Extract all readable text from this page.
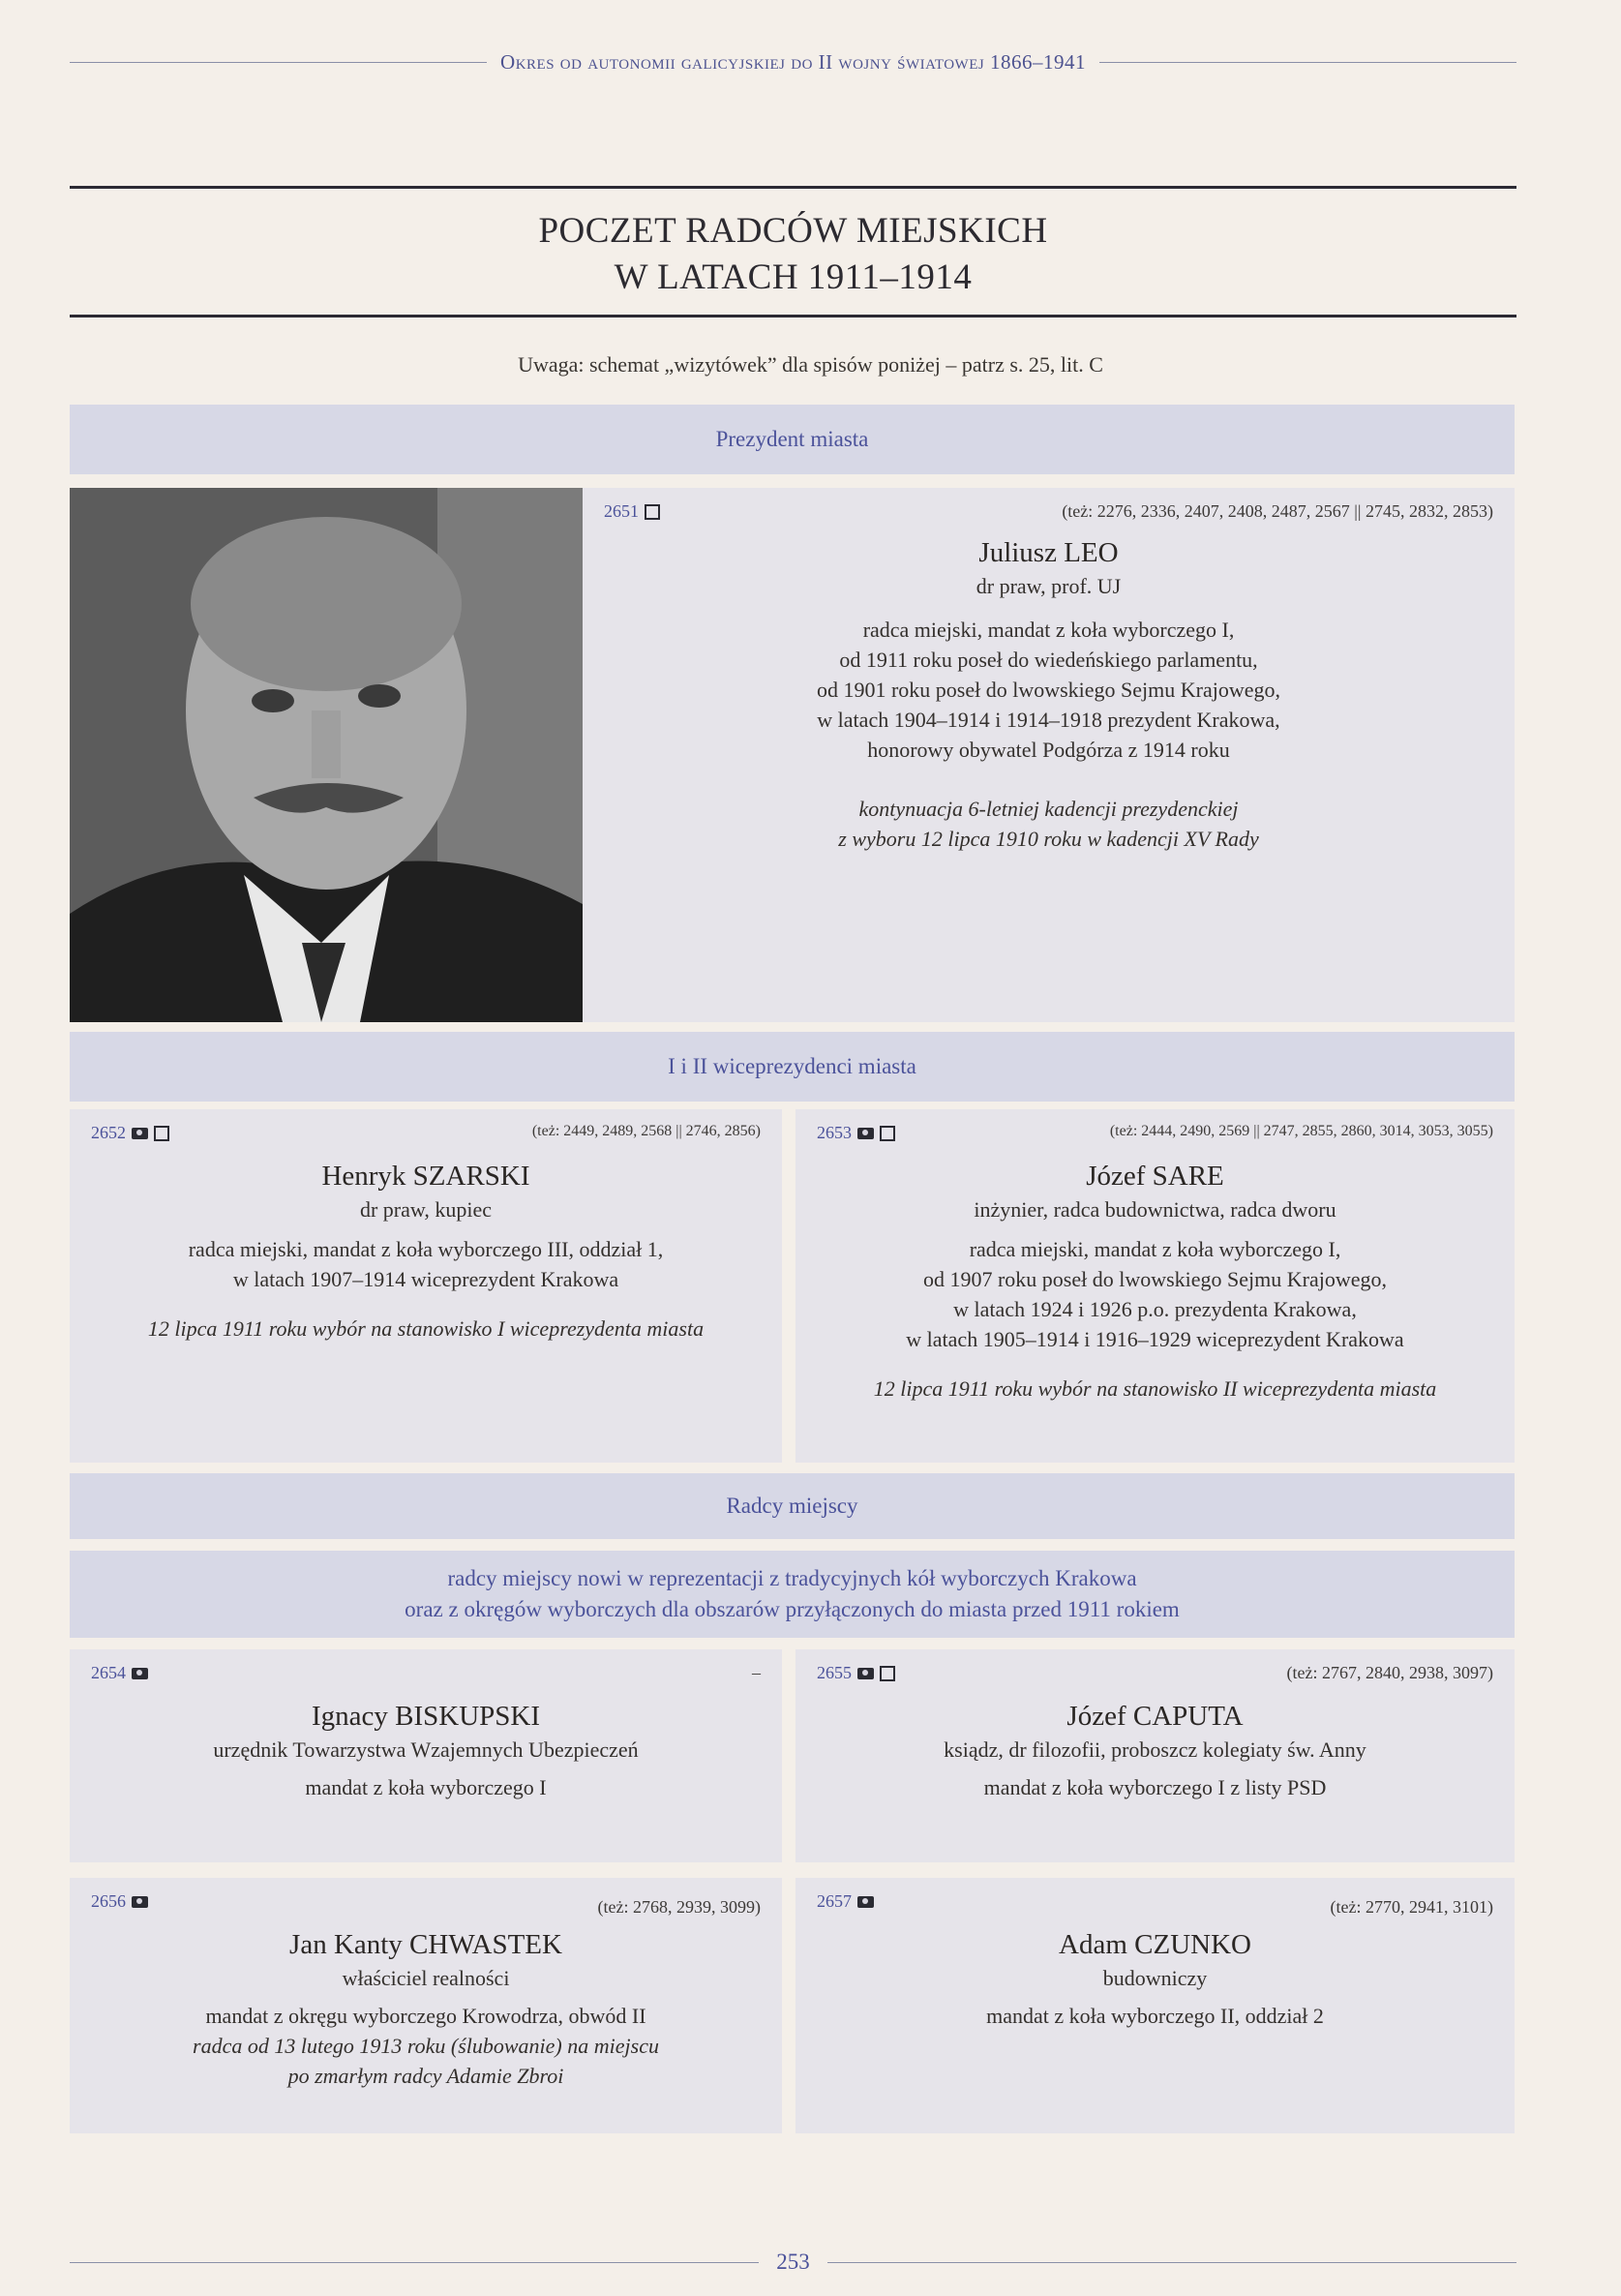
Okres od autonomii galicyjskiej do II wojny światowej 1866–1941
POCZET RADCÓW MIEJSKICH
W LATACH 1911–1914
Uwaga: schemat „wizytówek” dla spisów poniżej – patrz s. 25, lit. C
Prezydent miasta
2651	(też: 2276, 2336, 2407, 2408, 2487, 2567 || 2745, 2832, 2853)
Juliusz LEO
dr praw, prof. UJ
radca miejski, mandat z koła wyborczego I,
od 1911 roku poseł do wiedeńskiego parlamentu,
od 1901 roku poseł do lwowskiego Sejmu Krajowego,
w latach 1904–1914 i 1914–1918 prezydent Krakowa,
honorowy obywatel Podgórza z 1914 roku
kontynuacja 6-letniej kadencji prezydenckiej
z wyboru 12 lipca 1910 roku w kadencji XV Rady
I i II wiceprezydenci miasta
2652	(też: 2449, 2489, 2568 || 2746, 2856)
Henryk SZARSKI
dr praw, kupiec
radca miejski, mandat z koła wyborczego III, oddział 1,
w latach 1907–1914 wiceprezydent Krakowa
12 lipca 1911 roku wybór na stanowisko I wiceprezydenta miasta
2653	(też: 2444, 2490, 2569 || 2747, 2855, 2860, 3014, 3053, 3055)
Józef SARE
inżynier, radca budownictwa, radca dworu
radca miejski, mandat z koła wyborczego I,
od 1907 roku poseł do lwowskiego Sejmu Krajowego,
w latach 1924 i 1926 p.o. prezydenta Krakowa,
w latach 1905–1914 i 1916–1929 wiceprezydent Krakowa
12 lipca 1911 roku wybór na stanowisko II wiceprezydenta miasta
Radcy miejscy
radcy miejscy nowi w reprezentacji z tradycyjnych kół wyborczych Krakowa
oraz z okręgów wyborczych dla obszarów przyłączonych do miasta przed 1911 rokiem
2654	–
Ignacy BISKUPSKI
urzędnik Towarzystwa Wzajemnych Ubezpieczeń
mandat z koła wyborczego I
2655	(też: 2767, 2840, 2938, 3097)
Józef CAPUTA
ksiądz, dr filozofii, proboszcz kolegiaty św. Anny
mandat z koła wyborczego I z listy PSD
2656	(też: 2768, 2939, 3099)
Jan Kanty CHWASTEK
właściciel realności
mandat z okręgu wyborczego Krowodrza, obwód II
radca od 13 lutego 1913 roku (ślubowanie) na miejscu
po zmarłym radcy Adamie Zbroi
2657	(też: 2770, 2941, 3101)
Adam CZUNKO
budowniczy
mandat z koła wyborczego II, oddział 2
253
